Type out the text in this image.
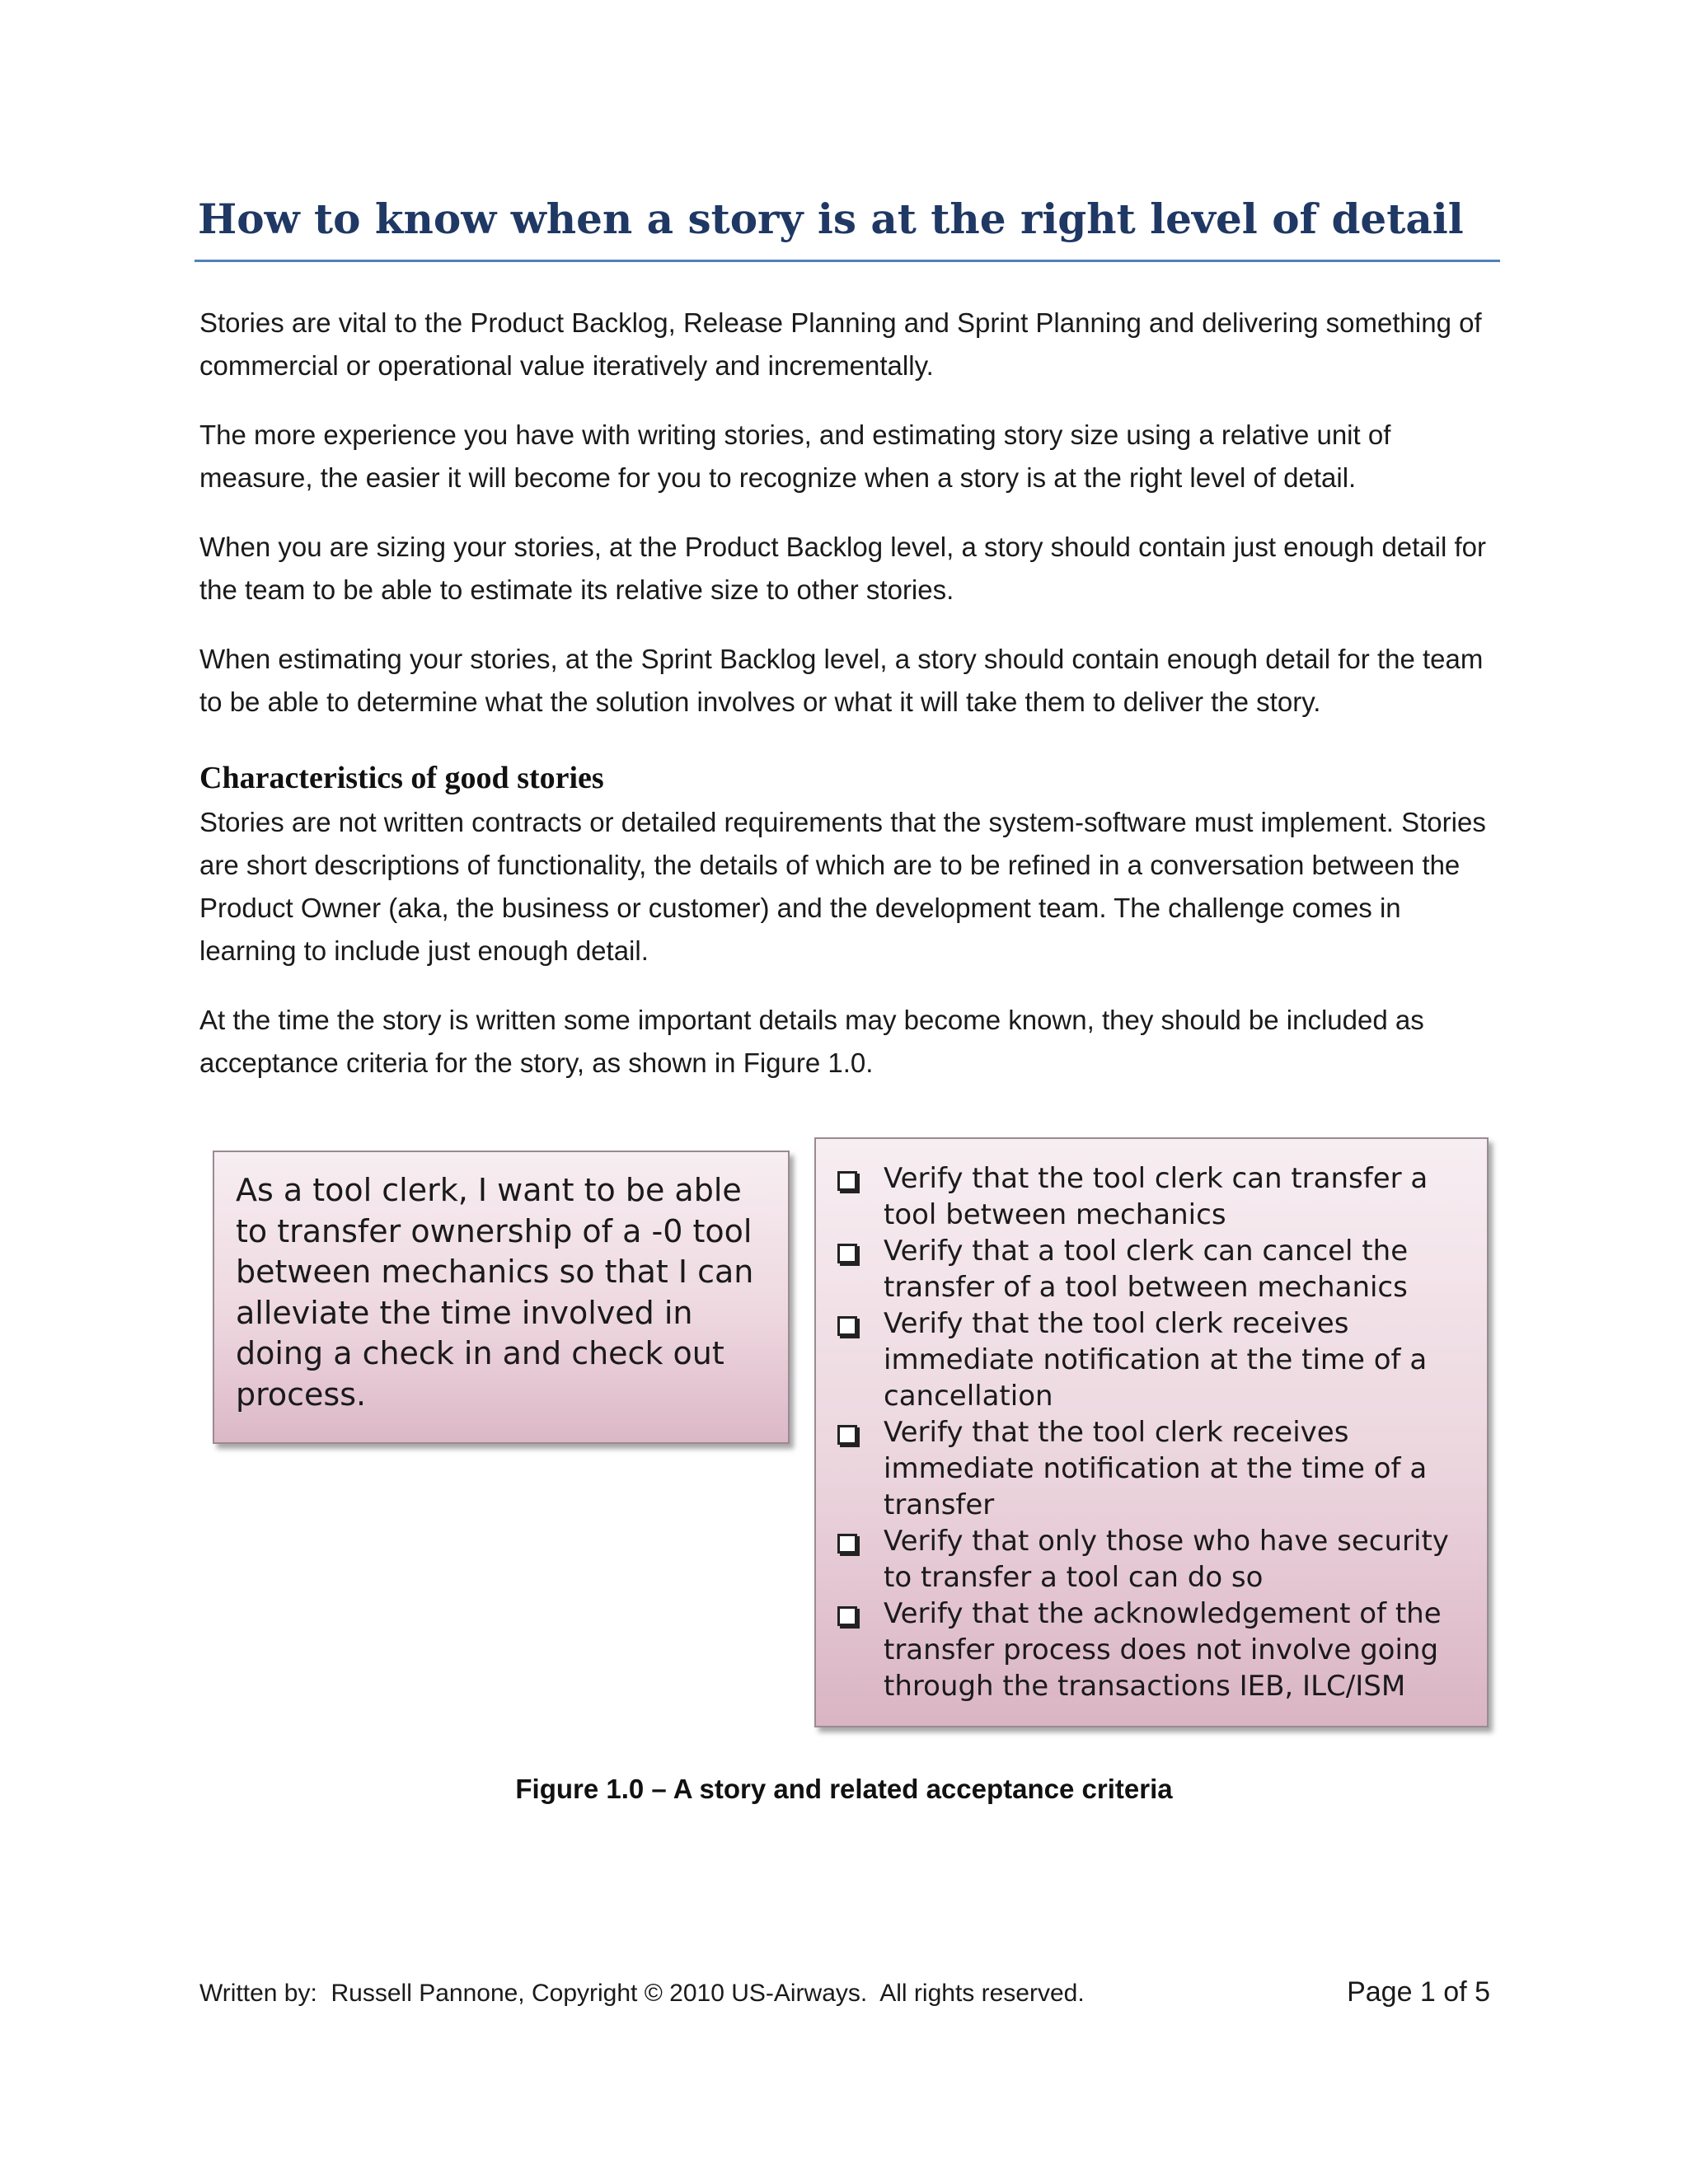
How to know when a story is at the right level of detail

Stories are vital to the Product Backlog, Release Planning and Sprint Planning and delivering something of commercial or operational value iteratively and incrementally.

The more experience you have with writing stories, and estimating story size using a relative unit of measure, the easier it will become for you to recognize when a story is at the right level of detail.

When you are sizing your stories, at the Product Backlog level, a story should contain just enough detail for the team to be able to estimate its relative size to other stories.

When estimating your stories, at the Sprint Backlog level, a story should contain enough detail for the team to be able to determine what the solution involves or what it will take them to deliver the story.

Characteristics of good stories

Stories are not written contracts or detailed requirements that the system-software must implement. Stories are short descriptions of functionality, the details of which are to be refined in a conversation between the Product Owner (aka, the business or customer) and the development team. The challenge comes in learning to include just enough detail.

At the time the story is written some important details may become known, they should be included as acceptance criteria for the story, as shown in Figure 1.0.

As a tool clerk, I want to be able to transfer ownership of a -0 tool between mechanics so that I can alleviate the time involved in doing a check in and check out process.

Verify that the tool clerk can transfer a tool between mechanics
Verify that a tool clerk can cancel the transfer of a tool between mechanics
Verify that the tool clerk receives immediate notification at the time of a cancellation
Verify that the tool clerk receives immediate notification at the time of a transfer
Verify that only those who have security to transfer a tool can do so
Verify that the acknowledgement of the transfer process does not involve going through the transactions IEB, ILC/ISM

Figure 1.0 – A story and related acceptance criteria

Written by:  Russell Pannone, Copyright © 2010 US-Airways.  All rights reserved.	Page 1 of 5
